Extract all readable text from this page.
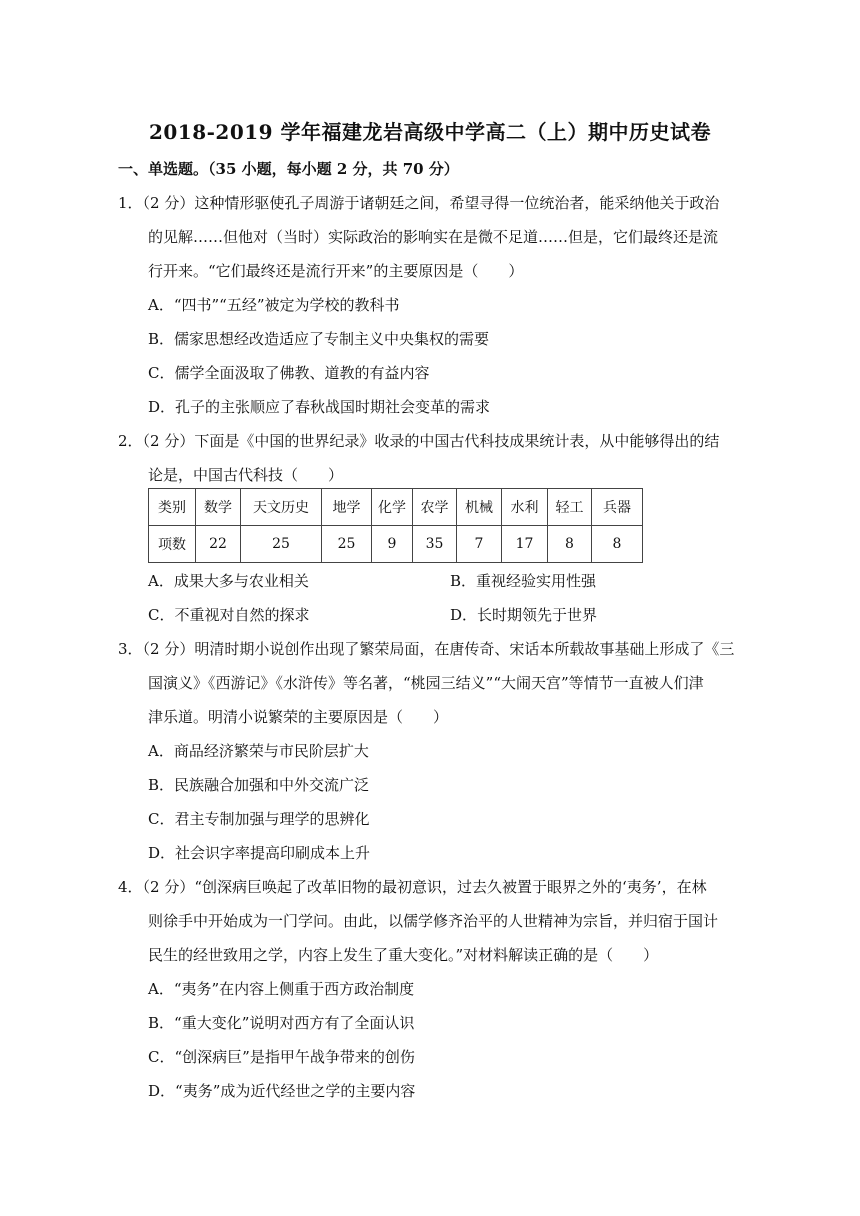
2018-2019 学年福建龙岩高级中学高二（上）期中历史试卷
一、单选题。（35 小题，每小题 2 分，共 70 分）
1．（2 分）这种情形驱使孔子周游于诸朝廷之间，希望寻得一位统治者，能采纳他关于政治
的见解……但他对（当时）实际政治的影响实在是微不足道……但是，它们最终还是流
行开来。“它们最终还是流行开来”的主要原因是（　　）
A．“四书”“五经”被定为学校的教科书
B．儒家思想经改造适应了专制主义中央集权的需要
C．儒学全面汲取了佛教、道教的有益内容
D．孔子的主张顺应了春秋战国时期社会变革的需求
2．（2 分）下面是《中国的世界纪录》收录的中国古代科技成果统计表，从中能够得出的结
论是，中国古代科技（　　）
类别	数学	天文历史	地学	化学	农学	机械	水利	轻工	兵器
项数	22	25	25	9	35	7	17	8	8
A．成果大多与农业相关	B．重视经验实用性强
C．不重视对自然的探求	D．长时期领先于世界
3．（2 分）明清时期小说创作出现了繁荣局面，在唐传奇、宋话本所载故事基础上形成了《三
国演义》《西游记》《水浒传》等名著，“桃园三结义”“大闹天宫”等情节一直被人们津
津乐道。明清小说繁荣的主要原因是（　　）
A．商品经济繁荣与市民阶层扩大
B．民族融合加强和中外交流广泛
C．君主专制加强与理学的思辨化
D．社会识字率提高印刷成本上升
4．（2 分）“创深病巨唤起了改革旧物的最初意识，过去久被置于眼界之外的‘夷务’，在林
则徐手中开始成为一门学问。由此，以儒学修齐治平的人世精神为宗旨，并归宿于国计
民生的经世致用之学，内容上发生了重大变化。”对材料解读正确的是（　　）
A．“夷务”在内容上侧重于西方政治制度
B．“重大变化”说明对西方有了全面认识
C．“创深病巨”是指甲午战争带来的创伤
D．“夷务”成为近代经世之学的主要内容
